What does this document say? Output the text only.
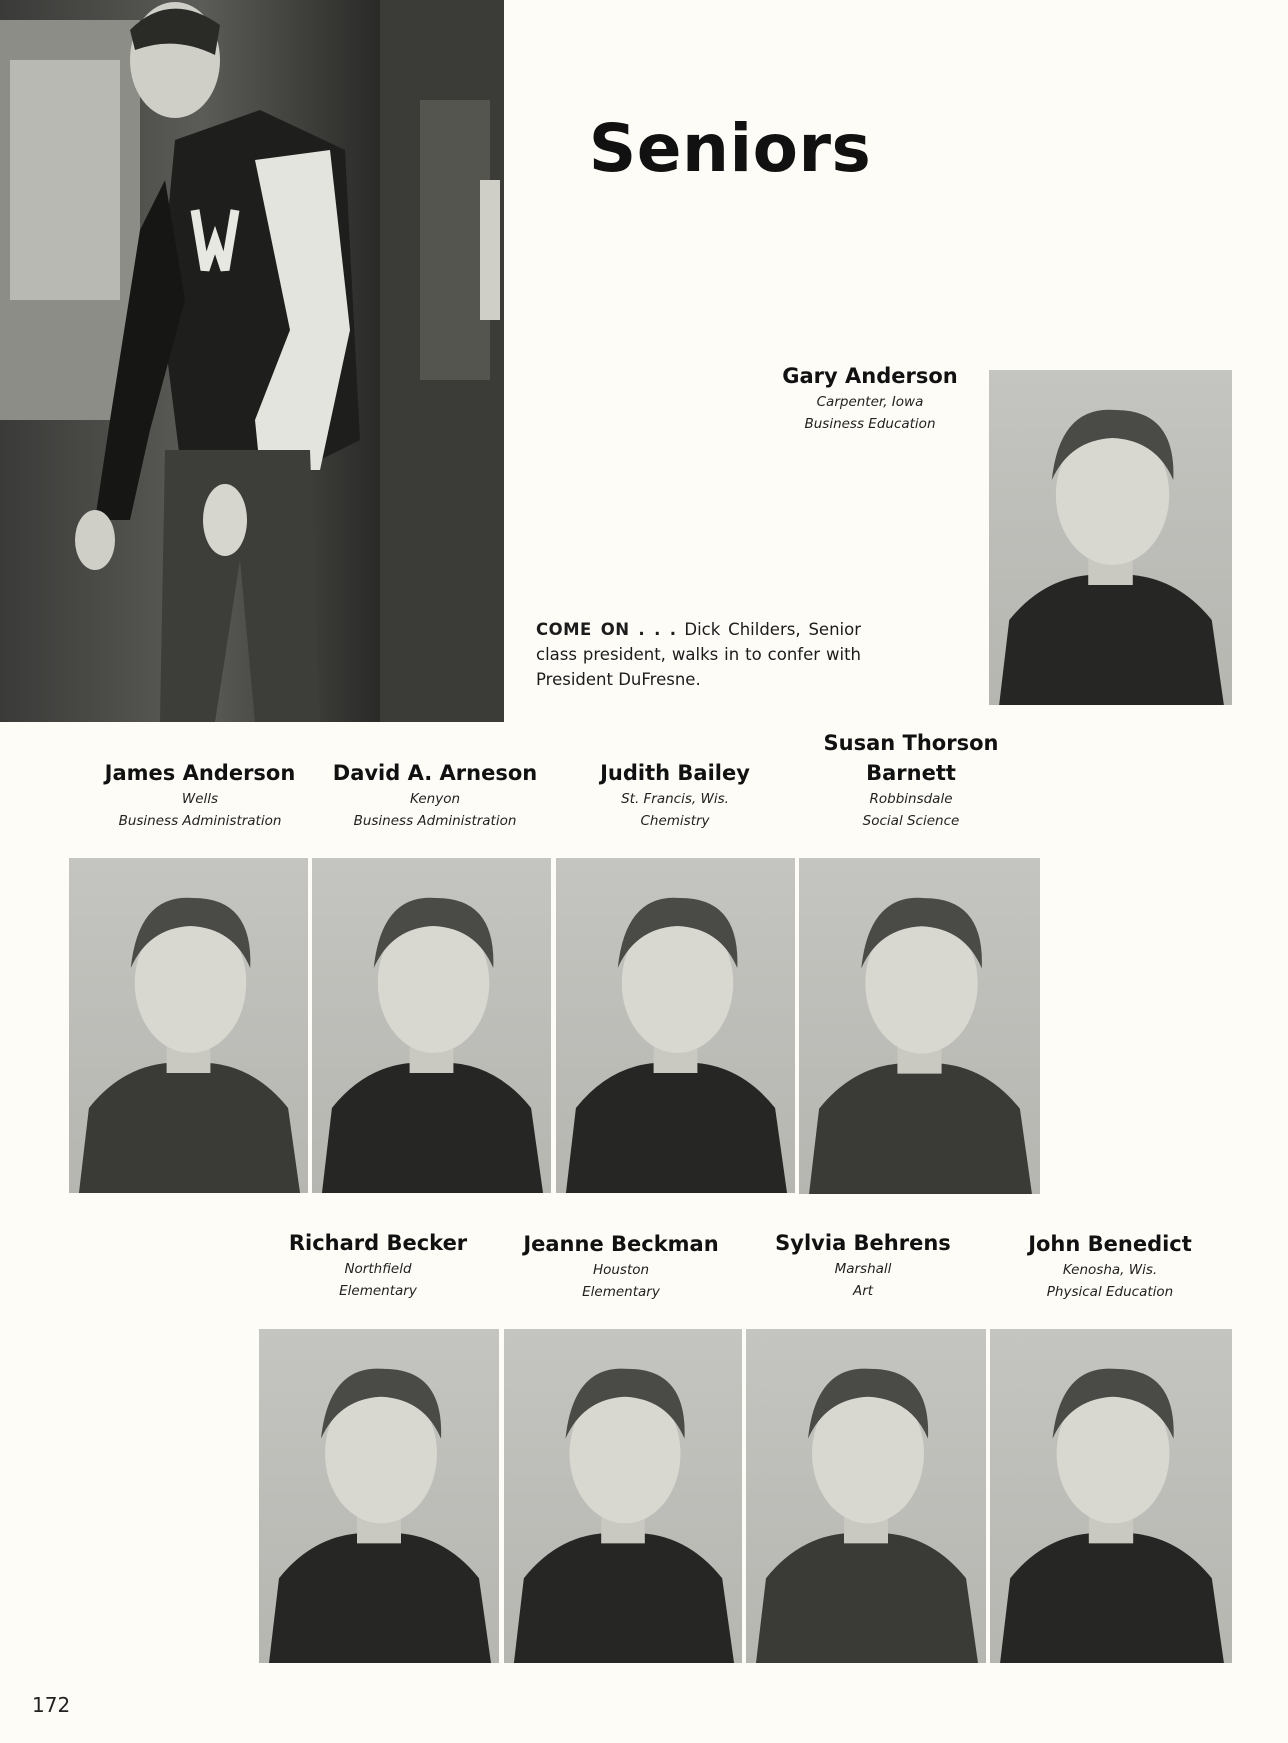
Seniors
Gary Anderson
Carpenter, Iowa
Business Education
COME ON . . . Dick Childers, Senior class president, walks in to confer with President DuFresne.
James Anderson
Wells
Business Administration
David A. Arneson
Kenyon
Business Administration
Judith Bailey
St. Francis, Wis.
Chemistry
Susan Thorson
Barnett
Robbinsdale
Social Science
Richard Becker
Northfield
Elementary
Jeanne Beckman
Houston
Elementary
Sylvia Behrens
Marshall
Art
John Benedict
Kenosha, Wis.
Physical Education
172
